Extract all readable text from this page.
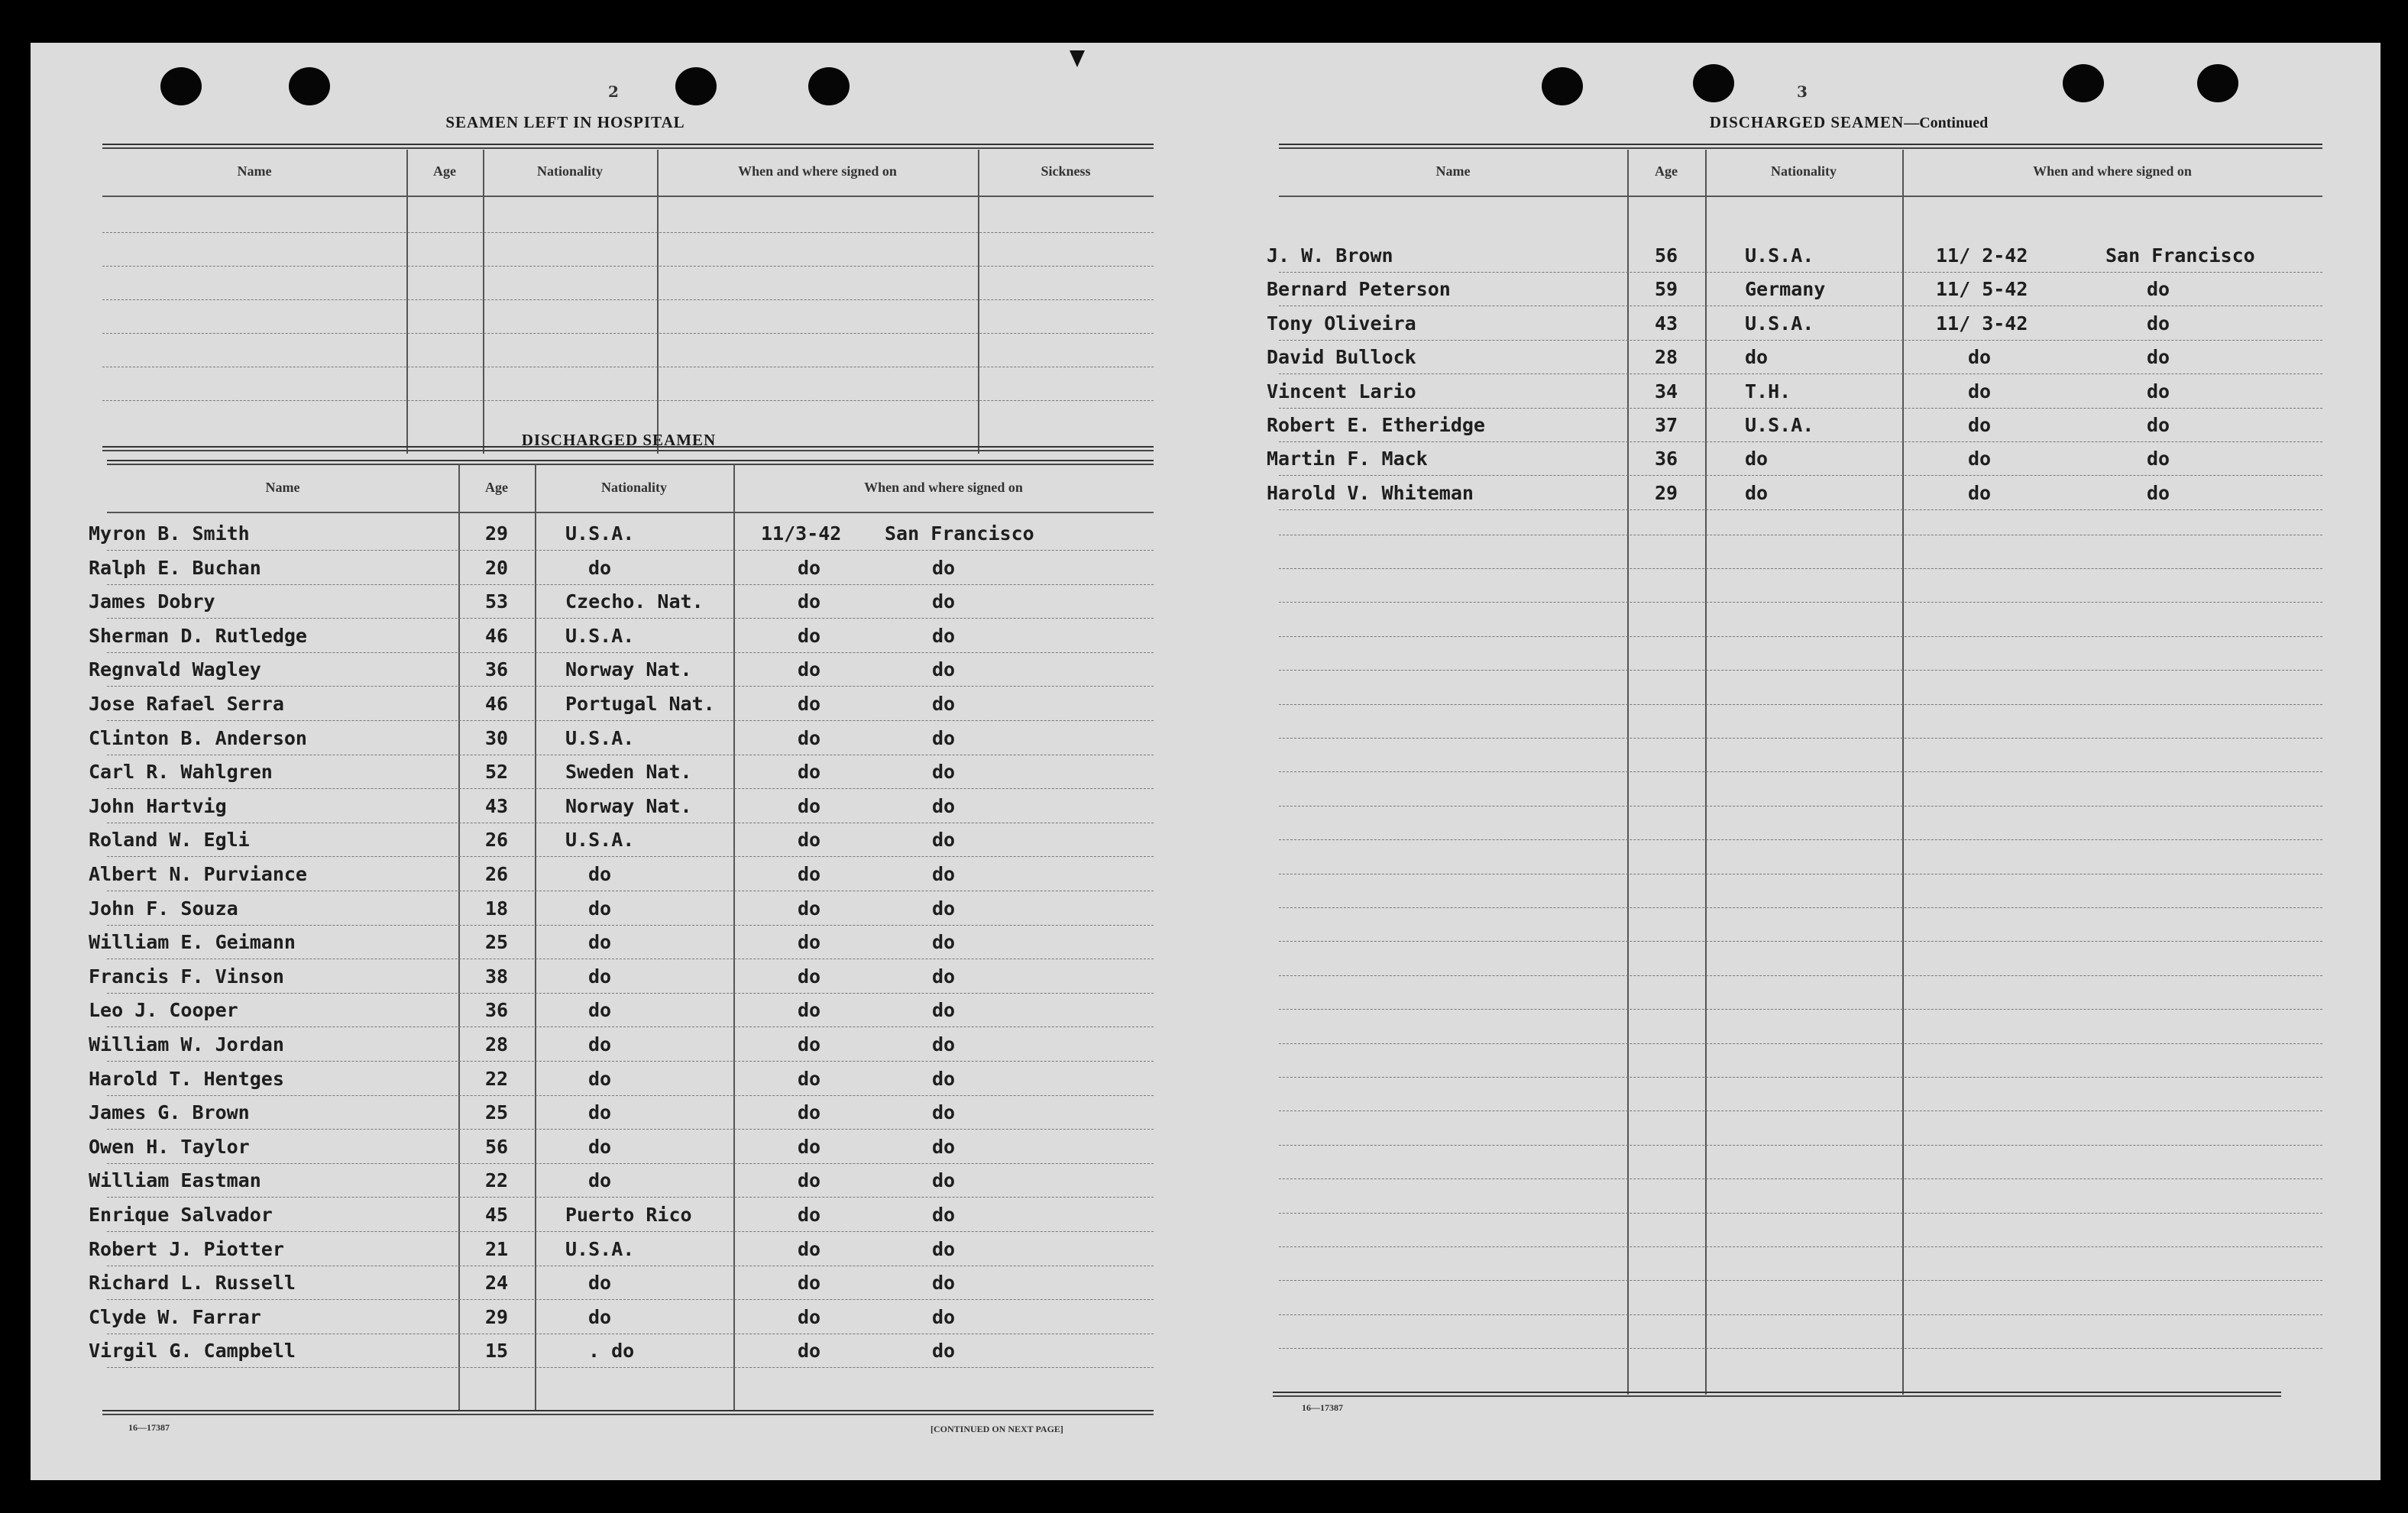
2
SEAMEN LEFT IN HOSPITAL
Name	Age	Nationality	When and where signed on	Sickness
DISCHARGED SEAMEN
Name	Age	Nationality	When and where signed on
Myron B. Smith	29	U.S.A.	11/3-42 San Francisco
Ralph E. Buchan	20	do	do	do
James Dobry	53	Czecho. Nat.	do	do
Sherman D. Rutledge	46	U.S.A.	do	do
Regnvald Wagley	36	Norway Nat.	do	do
Jose Rafael Serra	46	Portugal Nat.	do	do
Clinton B. Anderson	30	U.S.A.	do	do
Carl R. Wahlgren	52	Sweden Nat.	do	do
John Hartvig	43	Norway Nat.	do	do
Roland W. Egli	26	U.S.A.	do	do
Albert N. Purviance	26	do	do	do
John F. Souza	18	do	do	do
William E. Geimann	25	do	do	do
Francis F. Vinson	38	do	do	do
Leo J. Cooper	36	do	do	do
William W. Jordan	28	do	do	do
Harold T. Hentges	22	do	do	do
James G. Brown	25	do	do	do
Owen H. Taylor	56	do	do	do
William Eastman	22	do	do	do
Enrique Salvador	45	Puerto Rico	do	do
Robert J. Piotter	21	U.S.A.	do	do
Richard L. Russell	24	do	do	do
Clyde W. Farrar	29	do	do	do
Virgil G. Campbell	15	. do	do	do
16—17387	[CONTINUED ON NEXT PAGE]
3
DISCHARGED SEAMEN—Continued
Name	Age	Nationality	When and where signed on
J. W. Brown	56	U.S.A.	11/ 2-42	San Francisco
Bernard Peterson	59	Germany	11/ 5-42	do
Tony Oliveira	43	U.S.A.	11/ 3-42	do
David Bullock	28	do	do	do
Vincent Lario	34	T.H.	do	do
Robert E. Etheridge	37	U.S.A.	do	do
Martin F. Mack	36	do	do	do
Harold V. Whiteman	29	do	do	do
16—17387
